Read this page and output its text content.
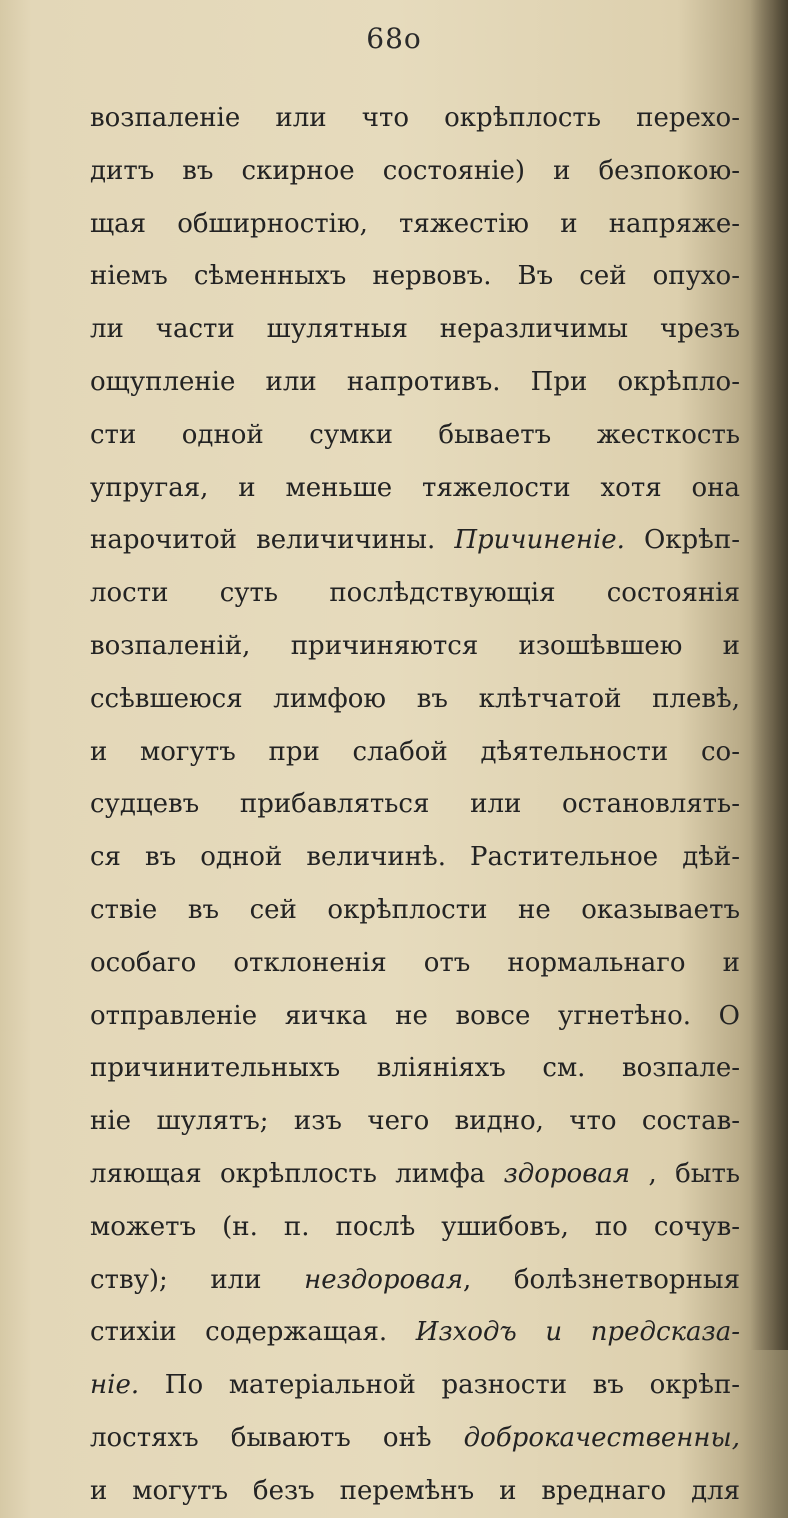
68о
возпаленіе или что окрѣплость перехо-
дитъ въ скирное состояніе) и безпокою-
щая обширностію, тяжестію и напряже-
ніемъ сѣменныхъ нервовъ. Въ сей опухо-
ли части шулятныя неразличимы чрезъ
ощупленіе или напротивъ. При окрѣпло-
сти одной сумки бываетъ жесткость
упругая, и меньше тяжелости хотя она
нарочитой величичины. Причиненіе. Окрѣп-
лости суть послѣдствующія состоянія
возпаленій, причиняются изошѣвшею и
ссѣвшеюся лимфою въ клѣтчатой плевѣ,
и могутъ при слабой дѣятельности со-
судцевъ прибавляться или остановлять-
ся въ одной величинѣ. Растительное дѣй-
ствіе въ сей окрѣплости не оказываетъ
особаго отклоненія отъ нормальнаго и
отправленіе яичка не вовсе угнетѣно. О
причинительныхъ вліяніяхъ см. возпале-
ніе шулятъ; изъ чего видно, что состав-
ляющая окрѣплость лимфа здоровая , быть
можетъ (н. п. послѣ ушибовъ, по сочув-
ству); или нездоровая, болѣзнетворныя
стихіи содержащая. Изходъ и предсказа-
ніе. По матеріальной разности въ окрѣп-
лостяхъ бываютъ онѣ доброкачественны,
и могутъ безъ перемѣнъ и вреднаго для
